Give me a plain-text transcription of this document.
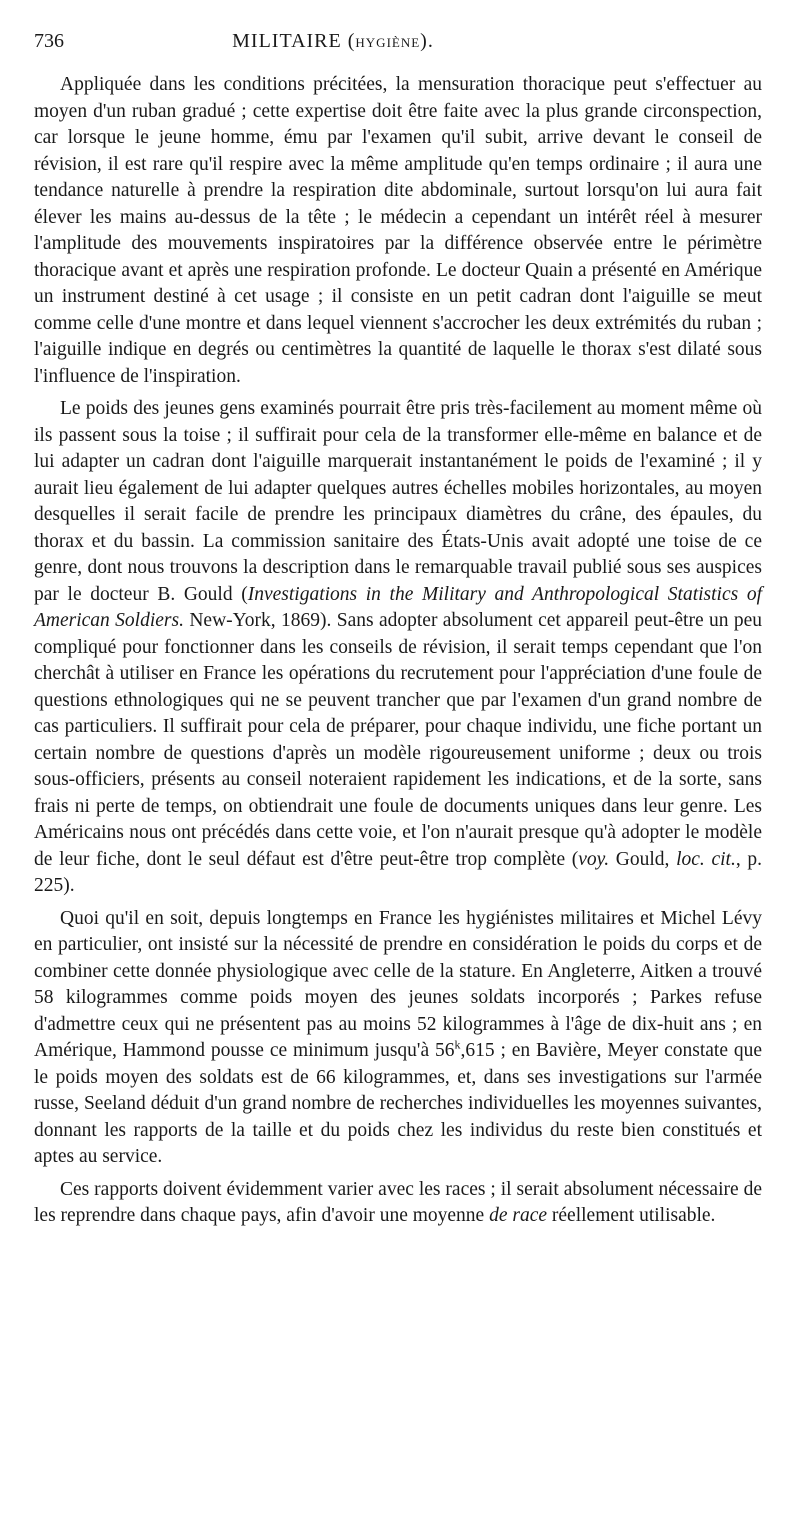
736	MILITAIRE (HYGIÈNE).

Appliquée dans les conditions précitées, la mensuration thoracique peut s'effectuer au moyen d'un ruban gradué ; cette expertise doit être faite avec la plus grande circonspection, car lorsque le jeune homme, ému par l'examen qu'il subit, arrive devant le conseil de révision, il est rare qu'il respire avec la même amplitude qu'en temps ordinaire ; il aura une tendance naturelle à prendre la respiration dite abdominale, surtout lorsqu'on lui aura fait élever les mains au-dessus de la tête ; le médecin a cependant un intérêt réel à mesurer l'amplitude des mouvements inspiratoires par la différence observée entre le périmètre thoracique avant et après une respiration profonde. Le docteur Quain a présenté en Amérique un instrument destiné à cet usage ; il consiste en un petit cadran dont l'aiguille se meut comme celle d'une montre et dans lequel viennent s'accrocher les deux extrémités du ruban ; l'aiguille indique en degrés ou centimètres la quantité de laquelle le thorax s'est dilaté sous l'influence de l'inspiration.

Le poids des jeunes gens examinés pourrait être pris très-facilement au moment même où ils passent sous la toise ; il suffirait pour cela de la transformer elle-même en balance et de lui adapter un cadran dont l'aiguille marquerait instantanément le poids de l'examiné ; il y aurait lieu également de lui adapter quelques autres échelles mobiles horizontales, au moyen desquelles il serait facile de prendre les principaux diamètres du crâne, des épaules, du thorax et du bassin. La commission sanitaire des États-Unis avait adopté une toise de ce genre, dont nous trouvons la description dans le remarquable travail publié sous ses auspices par le docteur B. Gould (Investigations in the Military and Anthropological Statistics of American Soldiers. New-York, 1869). Sans adopter absolument cet appareil peut-être un peu compliqué pour fonctionner dans les conseils de révision, il serait temps cependant que l'on cherchât à utiliser en France les opérations du recrutement pour l'appréciation d'une foule de questions ethnologiques qui ne se peuvent trancher que par l'examen d'un grand nombre de cas particuliers. Il suffirait pour cela de préparer, pour chaque individu, une fiche portant un certain nombre de questions d'après un modèle rigoureusement uniforme ; deux ou trois sous-officiers, présents au conseil noteraient rapidement les indications, et de la sorte, sans frais ni perte de temps, on obtiendrait une foule de documents uniques dans leur genre. Les Américains nous ont précédés dans cette voie, et l'on n'aurait presque qu'à adopter le modèle de leur fiche, dont le seul défaut est d'être peut-être trop complète (voy. Gould, loc. cit., p. 225).

Quoi qu'il en soit, depuis longtemps en France les hygiénistes militaires et Michel Lévy en particulier, ont insisté sur la nécessité de prendre en considération le poids du corps et de combiner cette donnée physiologique avec celle de la stature. En Angleterre, Aitken a trouvé 58 kilogrammes comme poids moyen des jeunes soldats incorporés ; Parkes refuse d'admettre ceux qui ne présentent pas au moins 52 kilogrammes à l'âge de dix-huit ans ; en Amérique, Hammond pousse ce minimum jusqu'à 56$^k$,615 ; en Bavière, Meyer constate que le poids moyen des soldats est de 66 kilogrammes, et, dans ses investigations sur l'armée russe, Seeland déduit d'un grand nombre de recherches individuelles les moyennes suivantes, donnant les rapports de la taille et du poids chez les individus du reste bien constitués et aptes au service.

Ces rapports doivent évidemment varier avec les races ; il serait absolument nécessaire de les reprendre dans chaque pays, afin d'avoir une moyenne de race réellement utilisable.
